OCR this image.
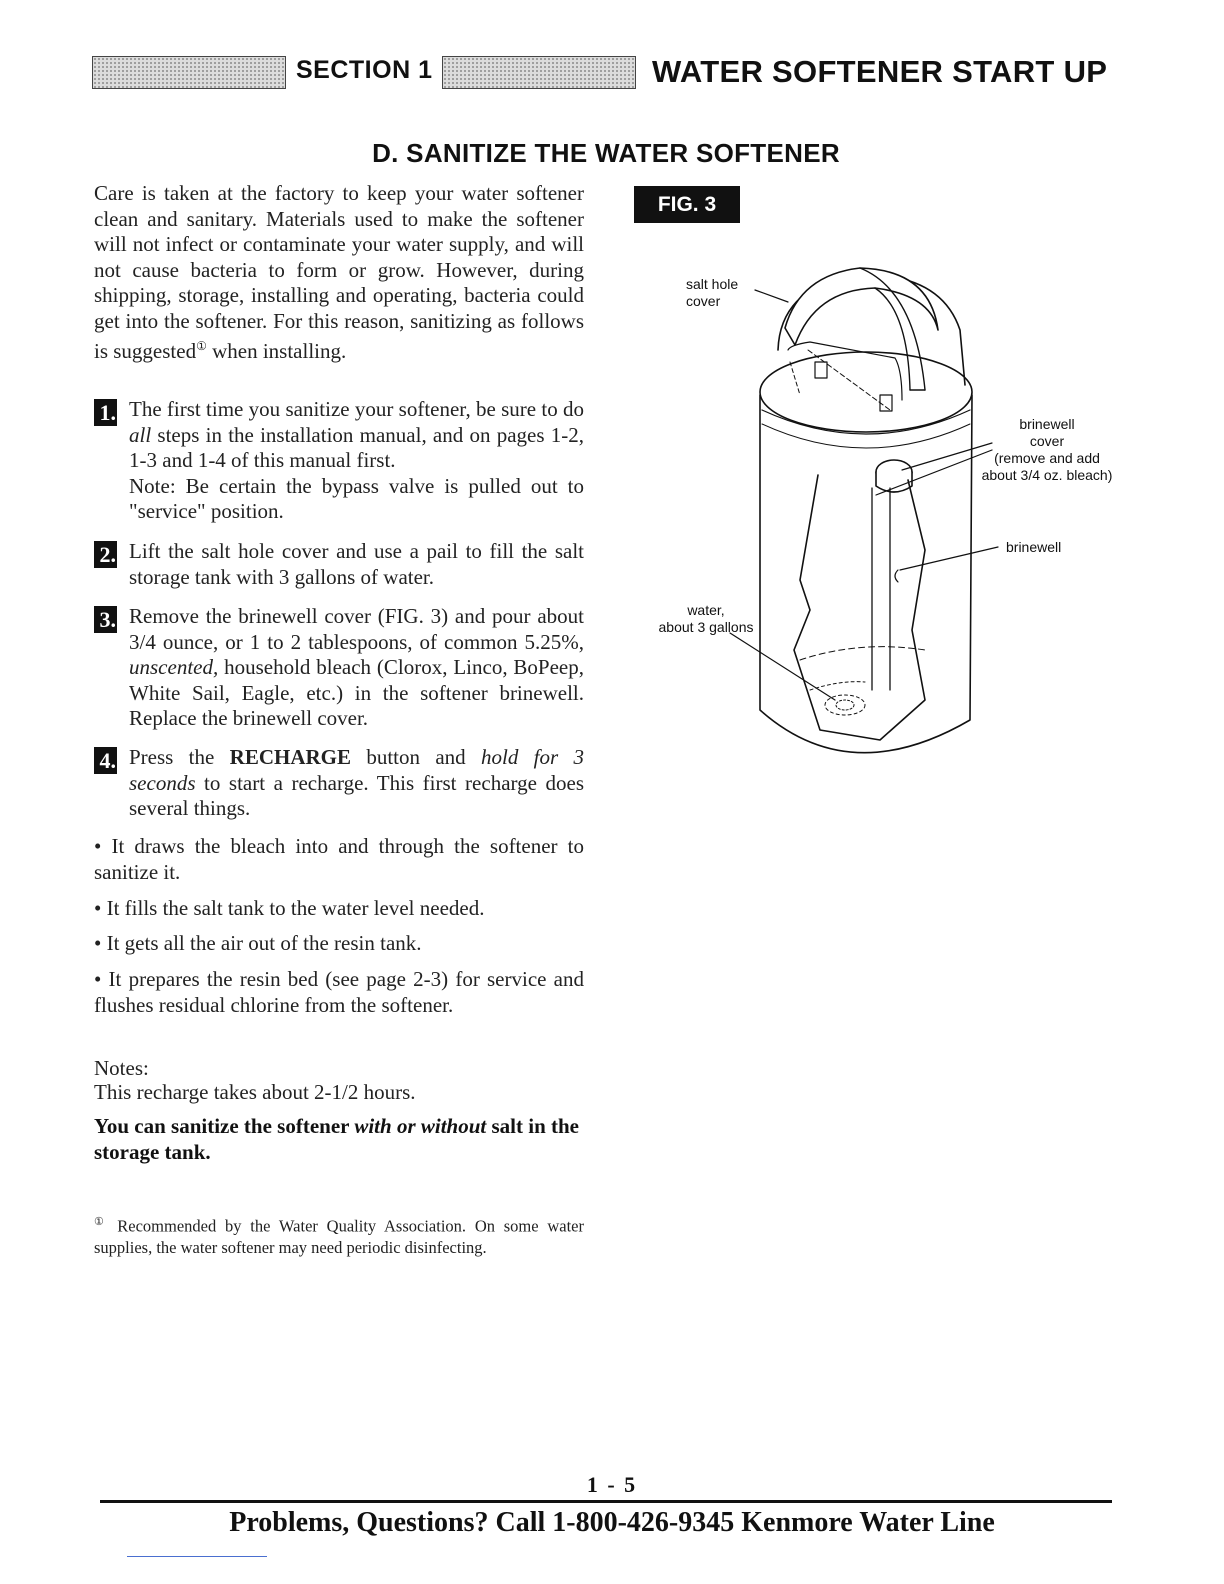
SECTION 1	WATER SOFTENER START UP
D. SANITIZE THE WATER SOFTENER
Care is taken at the factory to keep your water softener clean and sanitary. Materials used to make the softener will not infect or contaminate your water supply, and will not cause bacteria to form or grow. However, during shipping, storage, installing and operating, bacteria could get into the softener. For this reason, sanitizing as follows is suggested① when installing.
1. The first time you sanitize your softener, be sure to do all steps in the installation manual, and on pages 1-2, 1-3 and 1-4 of this manual first.

Note: Be certain the bypass valve is pulled out to "service" position.

2. Lift the salt hole cover and use a pail to fill the salt storage tank with 3 gallons of water.

3. Remove the brinewell cover (FIG. 3) and pour about 3/4 ounce, or 1 to 2 tablespoons, of common 5.25%, unscented, household bleach (Clorox, Linco, BoPeep, White Sail, Eagle, etc.) in the softener brinewell. Replace the brinewell cover.

4. Press the RECHARGE button and hold for 3 seconds to start a recharge. This first recharge does several things.

• It draws the bleach into and through the softener to sanitize it.
• It fills the salt tank to the water level needed.
• It gets all the air out of the resin tank.
• It prepares the resin bed (see page 2-3) for service and flushes residual chlorine from the softener.
Notes:
This recharge takes about 2-1/2 hours.
You can sanitize the softener with or without salt in the storage tank.
① Recommended by the Water Quality Association. On some water supplies, the water softener may need periodic disinfecting.
FIG. 3
salt hole
cover
brinewell
cover
(remove and add
about 3/4 oz. bleach)
brinewell
water,
about 3 gallons
1 - 5
Problems, Questions? Call 1-800-426-9345 Kenmore Water Line
